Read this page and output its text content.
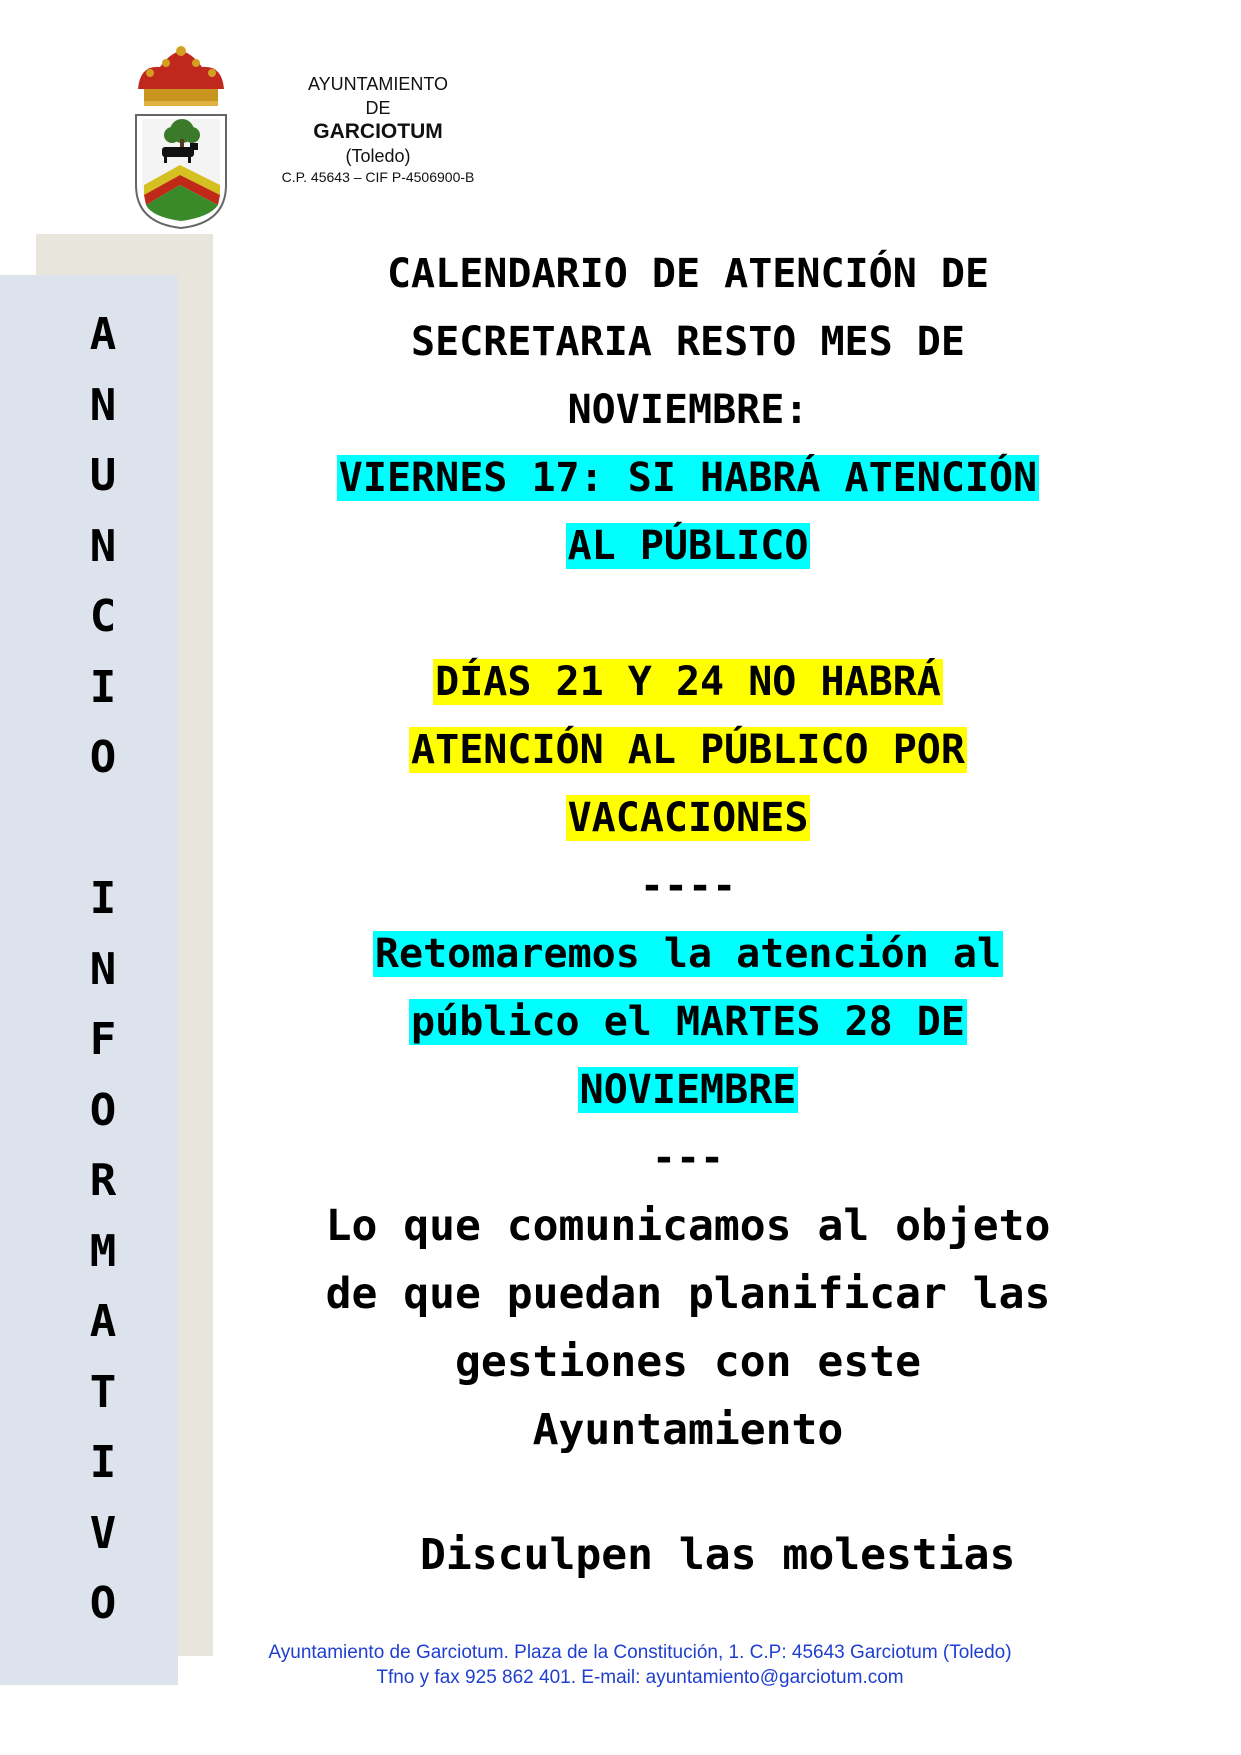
AYUNTAMIENTO
DE
GARCIOTUM
(Toledo)
C.P. 45643 – CIF P-4506900-B
A
N
U
N
C
I
O
I
N
F
O
R
M
A
T
I
V
O
CALENDARIO DE ATENCIÓN DE
SECRETARIA RESTO MES DE
NOVIEMBRE:
VIERNES 17: SI HABRÁ ATENCIÓN
AL PÚBLICO
DÍAS 21 Y 24 NO HABRÁ
ATENCIÓN AL PÚBLICO POR
VACACIONES
----
Retomaremos la atención al
público el MARTES 28 DE
NOVIEMBRE
---
Lo que comunicamos al objeto
de que puedan planificar las
gestiones con este
Ayuntamiento
Disculpen las molestias
Ayuntamiento de Garciotum. Plaza de la Constitución, 1. C.P: 45643 Garciotum (Toledo)
Tfno y fax 925 862 401. E-mail: ayuntamiento@garciotum.com
